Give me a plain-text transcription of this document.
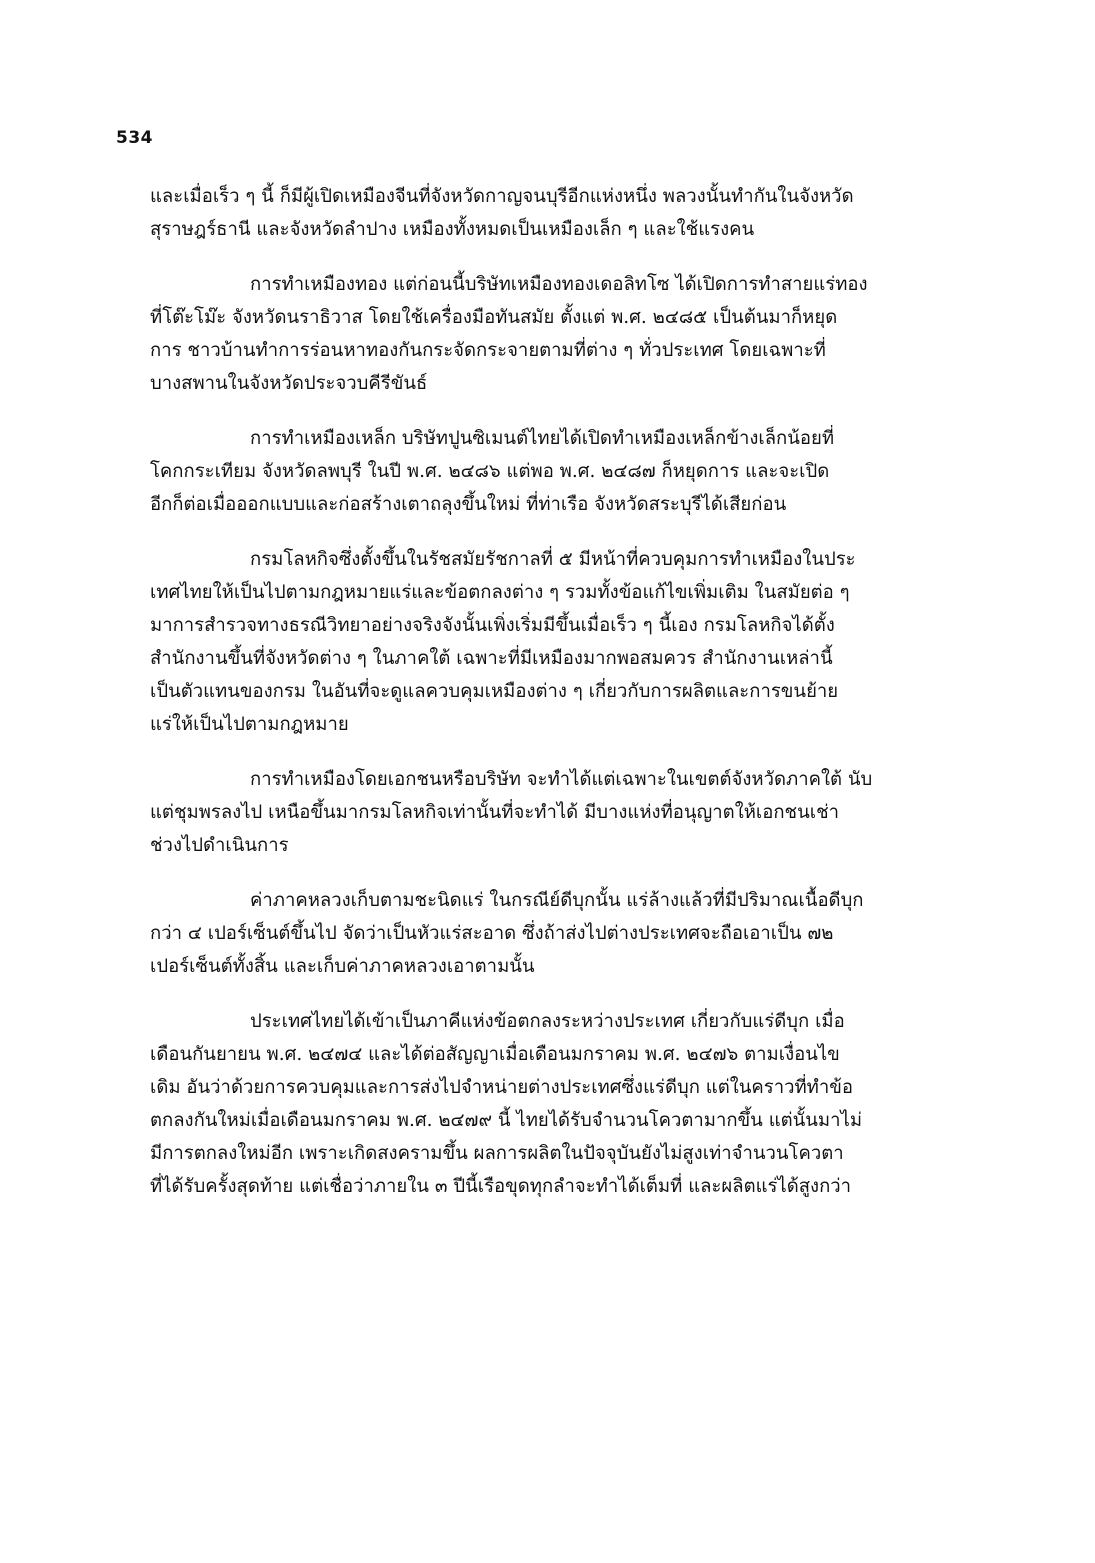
534

และเมื่อเร็ว ๆ นี้ ก็มีผู้เปิดเหมืองจีนที่จังหวัดกาญจนบุรีอีกแห่งหนึ่ง พลวงนั้นทำกันในจังหวัด
สุราษฎร์ธานี และจังหวัดลำปาง เหมืองทั้งหมดเป็นเหมืองเล็ก ๆ และใช้แรงคน

การทำเหมืองทอง แต่ก่อนนี้บริษัทเหมืองทองเดอลิทโซ ได้เปิดการทำสายแร่ทอง
ที่โต๊ะโม๊ะ จังหวัดนราธิวาส โดยใช้เครื่องมือทันสมัย ตั้งแต่ พ.ศ. ๒๔๘๕ เป็นต้นมาก็หยุด
การ ชาวบ้านทำการร่อนหาทองกันกระจัดกระจายตามที่ต่าง ๆ ทั่วประเทศ โดยเฉพาะที่
บางสพานในจังหวัดประจวบคีรีขันธ์

การทำเหมืองเหล็ก บริษัทปูนซิเมนต์ไทยได้เปิดทำเหมืองเหล็กข้างเล็กน้อยที่
โคกกระเทียม จังหวัดลพบุรี ในปี พ.ศ. ๒๔๘๖ แต่พอ พ.ศ. ๒๔๘๗ ก็หยุดการ และจะเปิด
อีกก็ต่อเมื่อออกแบบและก่อสร้างเตาถลุงขึ้นใหม่ ที่ท่าเรือ จังหวัดสระบุรีได้เสียก่อน

กรมโลหกิจซึ่งตั้งขึ้นในรัชสมัยรัชกาลที่ ๕ มีหน้าที่ควบคุมการทำเหมืองในประ
เทศไทยให้เป็นไปตามกฎหมายแร่และข้อตกลงต่าง ๆ รวมทั้งข้อแก้ไขเพิ่มเติม ในสมัยต่อ ๆ
มาการสำรวจทางธรณีวิทยาอย่างจริงจังนั้นเพิ่งเริ่มมีขึ้นเมื่อเร็ว ๆ นี้เอง กรมโลหกิจได้ตั้ง
สำนักงานขึ้นที่จังหวัดต่าง ๆ ในภาคใต้ เฉพาะที่มีเหมืองมากพอสมควร สำนักงานเหล่านี้
เป็นตัวแทนของกรม ในอันที่จะดูแลควบคุมเหมืองต่าง ๆ เกี่ยวกับการผลิตและการขนย้าย
แร่ให้เป็นไปตามกฎหมาย

การทำเหมืองโดยเอกชนหรือบริษัท จะทำได้แต่เฉพาะในเขตต์จังหวัดภาคใต้ นับ
แต่ชุมพรลงไป เหนือขึ้นมากรมโลหกิจเท่านั้นที่จะทำได้ มีบางแห่งที่อนุญาตให้เอกชนเช่า
ช่วงไปดำเนินการ

ค่าภาคหลวงเก็บตามชะนิดแร่ ในกรณีย์ดีบุกนั้น แร่ล้างแล้วที่มีปริมาณเนื้อดีบุก
กว่า ๔ เปอร์เซ็นต์ขึ้นไป จัดว่าเป็นหัวแร่สะอาด ซึ่งถ้าส่งไปต่างประเทศจะถือเอาเป็น ๗๒
เปอร์เซ็นต์ทั้งสิ้น และเก็บค่าภาคหลวงเอาตามนั้น

ประเทศไทยได้เข้าเป็นภาคีแห่งข้อตกลงระหว่างประเทศ เกี่ยวกับแร่ดีบุก เมื่อ
เดือนกันยายน พ.ศ. ๒๔๗๔ และได้ต่อสัญญาเมื่อเดือนมกราคม พ.ศ. ๒๔๗๖ ตามเงื่อนไข
เดิม อันว่าด้วยการควบคุมและการส่งไปจำหน่ายต่างประเทศซึ่งแร่ดีบุก แต่ในคราวที่ทำข้อ
ตกลงกันใหม่เมื่อเดือนมกราคม พ.ศ. ๒๔๗๙ นี้ ไทยได้รับจำนวนโควตามากขึ้น แต่นั้นมาไม่
มีการตกลงใหม่อีก เพราะเกิดสงครามขึ้น ผลการผลิตในปัจจุบันยังไม่สูงเท่าจำนวนโควตา
ที่ได้รับครั้งสุดท้าย แต่เชื่อว่าภายใน ๓ ปีนี้เรือขุดทุกลำจะทำได้เต็มที่ และผลิตแร่ได้สูงกว่า
